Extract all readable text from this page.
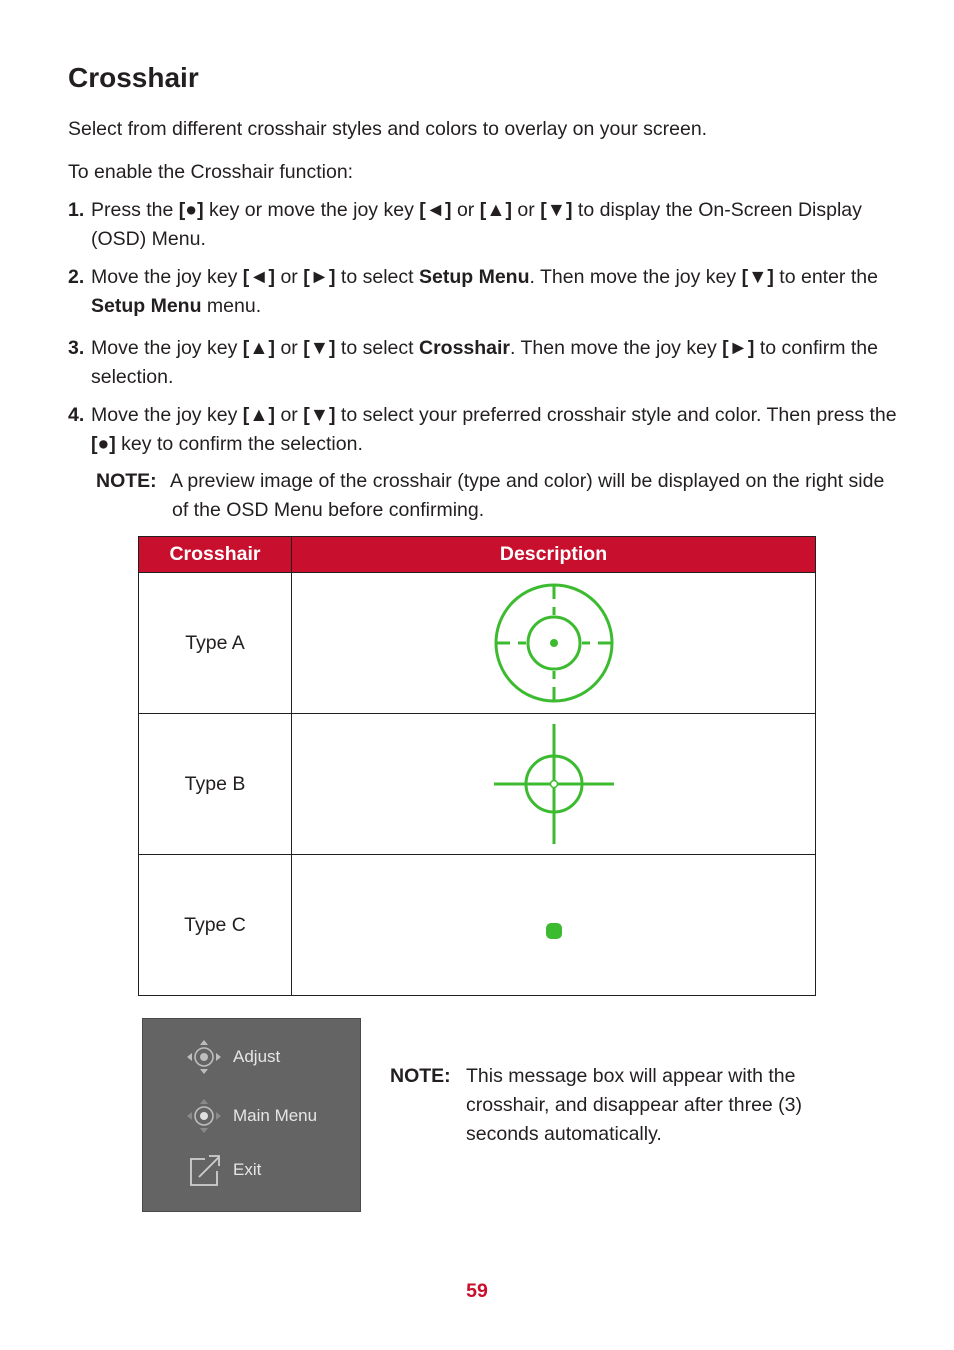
Crosshair
Select from different crosshair styles and colors to overlay on your screen.
To enable the Crosshair function:
1. Press the [●] key or move the joy key [◄] or [▲] or [▼] to display the On-Screen Display (OSD) Menu.
2. Move the joy key [◄] or [►] to select Setup Menu. Then move the joy key [▼] to enter the Setup Menu menu.
3. Move the joy key [▲] or [▼] to select Crosshair. Then move the joy key [►] to confirm the selection.
4. Move the joy key [▲] or [▼] to select your preferred crosshair style and color. Then press the [●] key to confirm the selection.
NOTE: A preview image of the crosshair (type and color) will be displayed on the right side of the OSD Menu before confirming.
Crosshair	Description
Type A	

Type B	

Type C	
Adjust
Main Menu
Exit
NOTE: This message box will appear with the crosshair, and disappear after three (3) seconds automatically.
59
